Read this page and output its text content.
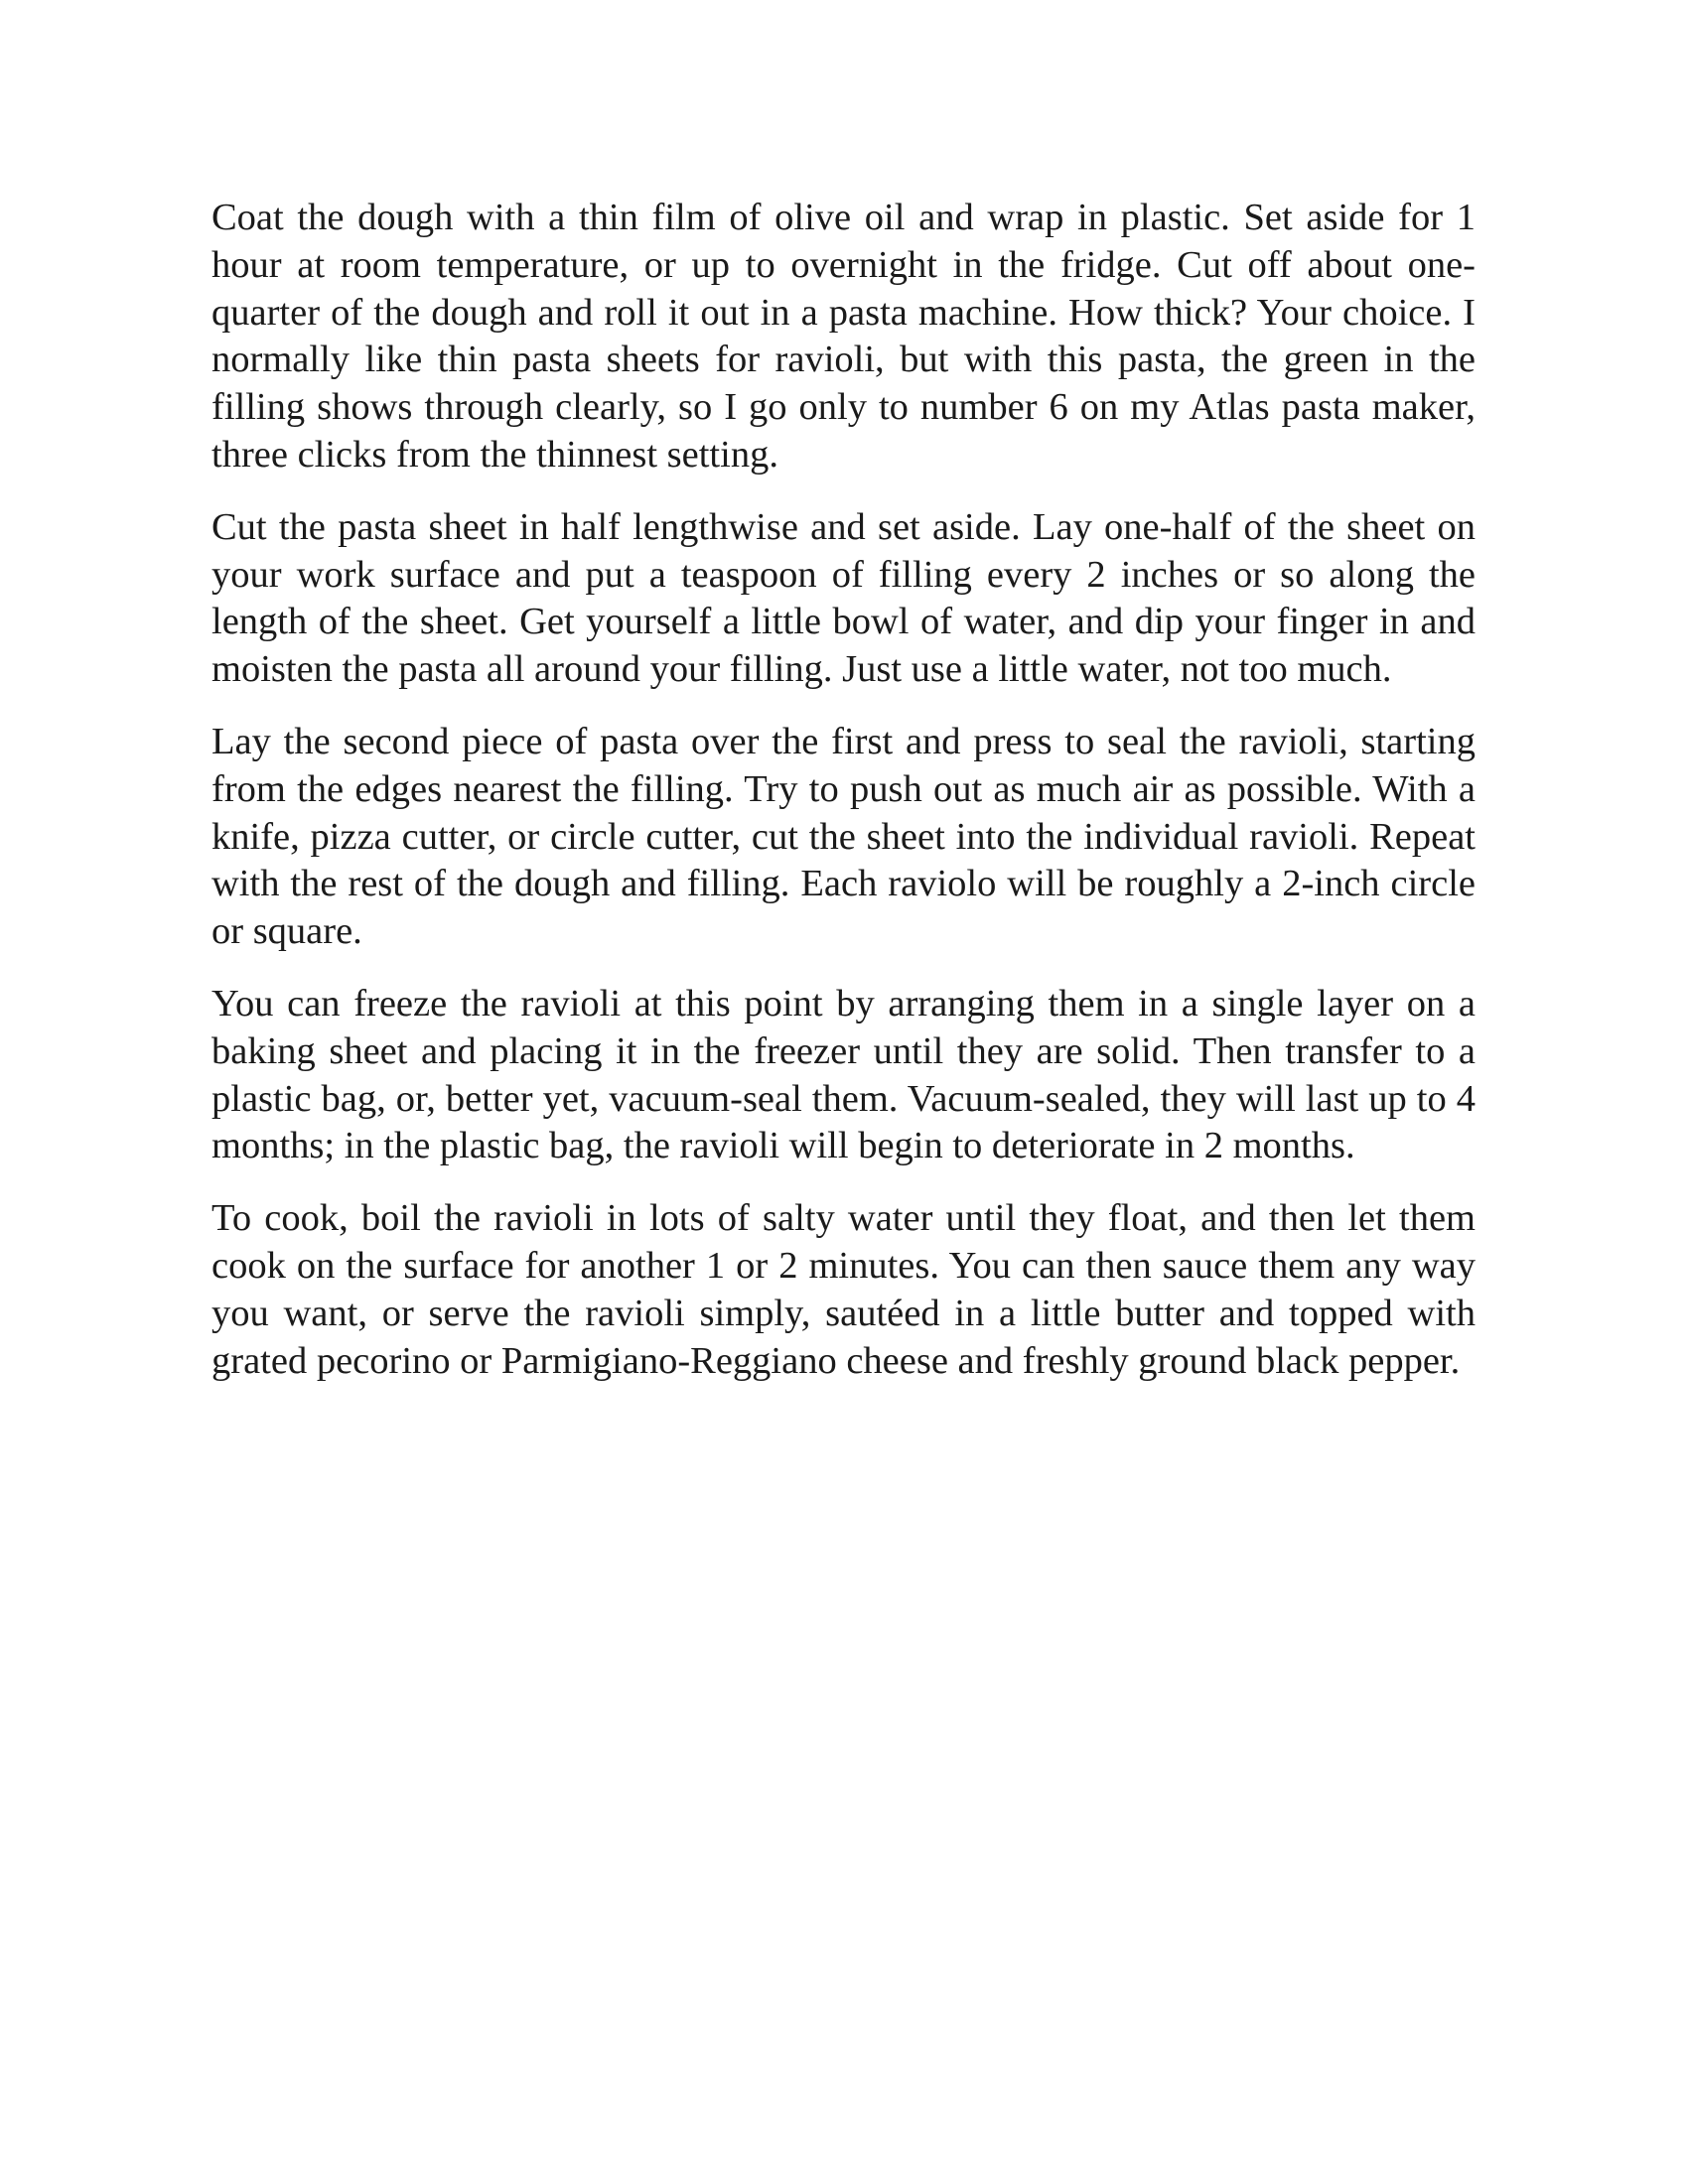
Coat the dough with a thin film of olive oil and wrap in plastic. Set aside for 1 hour at room temperature, or up to overnight in the fridge. Cut off about one-quarter of the dough and roll it out in a pasta machine. How thick? Your choice. I normally like thin pasta sheets for ravioli, but with this pasta, the green in the filling shows through clearly, so I go only to number 6 on my Atlas pasta maker, three clicks from the thinnest setting.

Cut the pasta sheet in half lengthwise and set aside. Lay one-half of the sheet on your work surface and put a teaspoon of filling every 2 inches or so along the length of the sheet. Get yourself a little bowl of water, and dip your finger in and moisten the pasta all around your filling. Just use a little water, not too much.

Lay the second piece of pasta over the first and press to seal the ravioli, starting from the edges nearest the filling. Try to push out as much air as possible. With a knife, pizza cutter, or circle cutter, cut the sheet into the individual ravioli. Repeat with the rest of the dough and filling. Each raviolo will be roughly a 2-inch circle or square.

You can freeze the ravioli at this point by arranging them in a single layer on a baking sheet and placing it in the freezer until they are solid. Then transfer to a plastic bag, or, better yet, vacuum-seal them. Vacuum-sealed, they will last up to 4 months; in the plastic bag, the ravioli will begin to deteriorate in 2 months.

To cook, boil the ravioli in lots of salty water until they float, and then let them cook on the surface for another 1 or 2 minutes. You can then sauce them any way you want, or serve the ravioli simply, sautéed in a little butter and topped with grated pecorino or Parmigiano-Reggiano cheese and freshly ground black pepper.
